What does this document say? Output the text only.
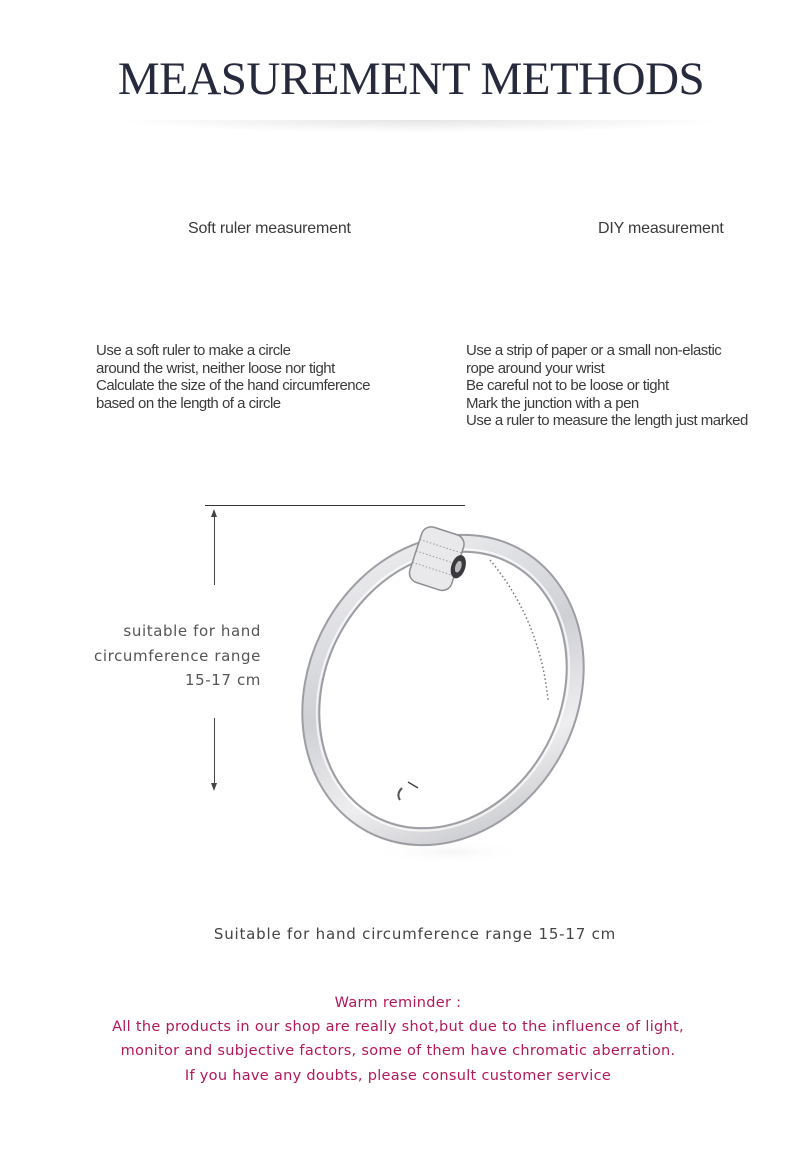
MEASUREMENT METHODS
Soft ruler measurement	DIY measurement
Use a soft ruler to make a circle
around the wrist, neither loose nor tight
Calculate the size of the hand circumference
based on the length of a circle
Use a strip of paper or a small non-elastic
rope around your wrist
Be careful not to be loose or tight
Mark the junction with a pen
Use a ruler to measure the length just marked
suitable for hand
circumference range
15-17 cm
Suitable for hand circumference range 15-17 cm
Warm reminder :
All the products in our shop are really shot,but due to the influence of light,
monitor and subjective factors, some of them have chromatic aberration.
If you have any doubts, please consult customer service
